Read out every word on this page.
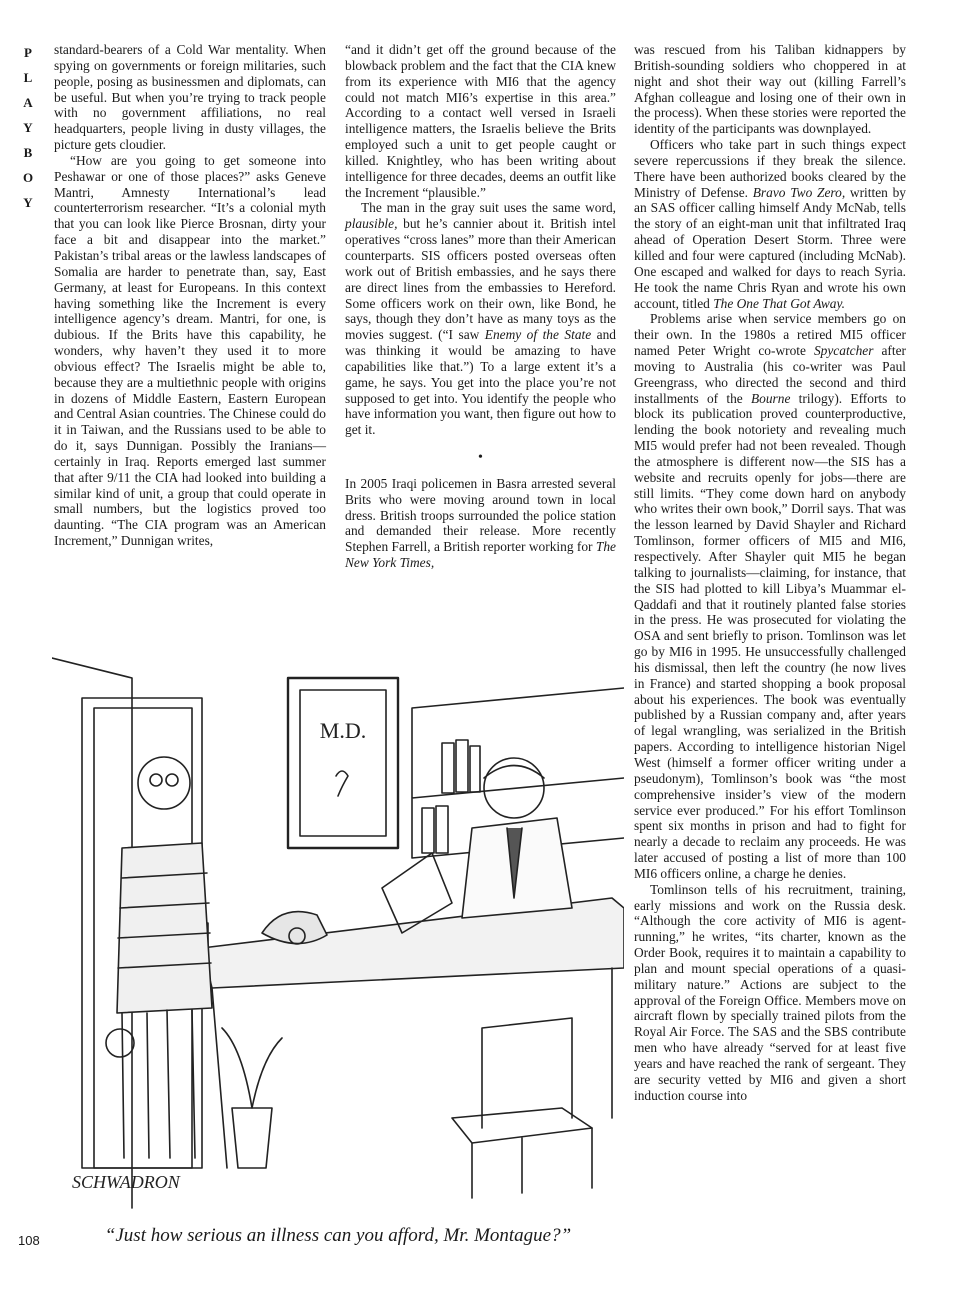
P
L
A
Y
B
O
Y

standard-bearers of a Cold War mentality. When spying on governments or foreign militaries, such people, posing as businessmen and diplomats, can be useful. But when you’re trying to track people with no government affiliations, no real headquarters, people living in dusty villages, the picture gets cloudier.

“How are you going to get someone into Peshawar or one of those places?” asks Geneve Mantri, Amnesty International’s lead counterterrorism researcher. “It’s a colonial myth that you can look like Pierce Brosnan, dirty your face a bit and disappear into the market.” Pakistan’s tribal areas or the lawless landscapes of Somalia are harder to penetrate than, say, East Germany, at least for Europeans. In this context having something like the Increment is every intelligence agency’s dream. Mantri, for one, is dubious. If the Brits have this capability, he wonders, why haven’t they used it to more obvious effect? The Israelis might be able to, because they are a multiethnic people with origins in dozens of Middle Eastern, Eastern European and Central Asian countries. The Chinese could do it in Taiwan, and the Russians used to be able to do it, says Dunnigan. Possibly the Iranians—certainly in Iraq. Reports emerged last summer that after 9/11 the CIA had looked into building a similar kind of unit, a group that could operate in small numbers, but the logistics proved too daunting. “The CIA program was an American Increment,” Dunnigan writes,

“and it didn’t get off the ground because of the blowback problem and the fact that the CIA knew from its experience with MI6 that the agency could not match MI6’s expertise in this area.” According to a contact well versed in Israeli intelligence matters, the Israelis believe the Brits employed such a unit to get people caught or killed. Knightley, who has been writing about intelligence for three decades, deems an outfit like the Increment “plausible.”

The man in the gray suit uses the same word, plausible, but he’s cannier about it. British intel operatives “cross lanes” more than their American counterparts. SIS officers posted overseas often work out of British embassies, and he says there are direct lines from the embassies to Hereford. Some officers work on their own, like Bond, he says, though they don’t have as many toys as the movies suggest. (“I saw Enemy of the State and was thinking it would be amazing to have capabilities like that.”) To a large extent it’s a game, he says. You get into the place you’re not supposed to get into. You identify the people who have information you want, then figure out how to get it.

•

In 2005 Iraqi policemen in Basra arrested several Brits who were moving around town in local dress. British troops surrounded the police station and demanded their release. More recently Stephen Farrell, a British reporter working for The New York Times,

was rescued from his Taliban kidnappers by British-sounding soldiers who choppered in at night and shot their way out (killing Farrell’s Afghan colleague and losing one of their own in the process). When these stories were reported the identity of the participants was downplayed.

Officers who take part in such things expect severe repercussions if they break the silence. There have been authorized books cleared by the Ministry of Defense. Bravo Two Zero, written by an SAS officer calling himself Andy McNab, tells the story of an eight-man unit that infiltrated Iraq ahead of Operation Desert Storm. Three were killed and four were captured (including McNab). One escaped and walked for days to reach Syria. He took the name Chris Ryan and wrote his own account, titled The One That Got Away.

Problems arise when service members go on their own. In the 1980s a retired MI5 officer named Peter Wright co-wrote Spycatcher after moving to Australia (his co-writer was Paul Greengrass, who directed the second and third installments of the Bourne trilogy). Efforts to block its publication proved counterproductive, lending the book notoriety and revealing much MI5 would prefer had not been revealed. Though the atmosphere is different now—the SIS has a website and recruits openly for jobs—there are still limits. “They come down hard on anybody who writes their own book,” Dorril says. That was the lesson learned by David Shayler and Richard Tomlinson, former officers of MI5 and MI6, respectively. After Shayler quit MI5 he began talking to journalists—claiming, for instance, that the SIS had plotted to kill Libya’s Muammar el-Qaddafi and that it routinely planted false stories in the press. He was prosecuted for violating the OSA and sent briefly to prison. Tomlinson was let go by MI6 in 1995. He unsuccessfully challenged his dismissal, then left the country (he now lives in France) and started shopping a book proposal about his experiences. The book was eventually published by a Russian company and, after years of legal wrangling, was serialized in the British papers. According to intelligence historian Nigel West (himself a former officer writing under a pseudonym), Tomlinson’s book was “the most comprehensive insider’s view of the modern service ever produced.” For his effort Tomlinson spent six months in prison and had to fight for nearly a decade to reclaim any proceeds. He was later accused of posting a list of more than 100 MI6 officers online, a charge he denies.

Tomlinson tells of his recruitment, training, early missions and work on the Russia desk. “Although the core activity of MI6 is agent-running,” he writes, “its charter, known as the Order Book, requires it to maintain a capability to plan and mount special operations of a quasi-military nature.” Actions are subject to the approval of the Foreign Office. Members move on aircraft flown by specially trained pilots from the Royal Air Force. The SAS and the SBS contribute men who have already “served for at least five years and have reached the rank of sergeant. They are security vetted by MI6 and given a short induction course into

M.D.
SCHWADRON
“Just how serious an illness can you afford, Mr. Montague?”
108
